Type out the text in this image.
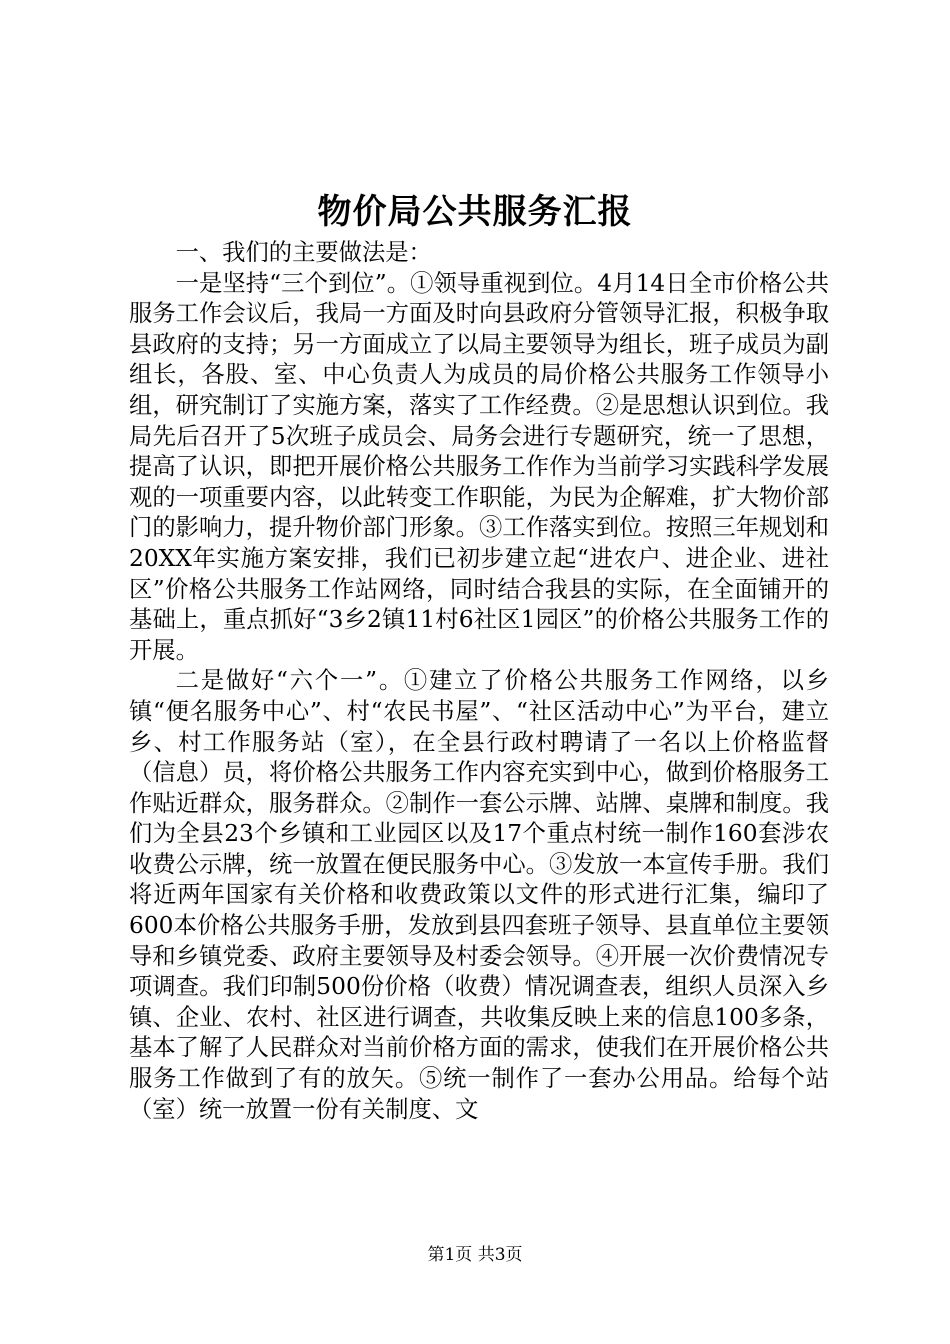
物价局公共服务汇报

一、我们的主要做法是：

一是坚持“三个到位”。①领导重视到位。4月14日全市价格公共服务工作会议后，我局一方面及时向县政府分管领导汇报，积极争取县政府的支持；另一方面成立了以局主要领导为组长，班子成员为副组长，各股、室、中心负责人为成员的局价格公共服务工作领导小组，研究制订了实施方案，落实了工作经费。②是思想认识到位。我局先后召开了5次班子成员会、局务会进行专题研究，统一了思想，提高了认识，即把开展价格公共服务工作作为当前学习实践科学发展观的一项重要内容，以此转变工作职能，为民为企解难，扩大物价部门的影响力，提升物价部门形象。③工作落实到位。按照三年规划和20XX年实施方案安排，我们已初步建立起“进农户、进企业、进社区”价格公共服务工作站网络，同时结合我县的实际，在全面铺开的基础上，重点抓好“3乡2镇11村6社区1园区”的价格公共服务工作的开展。

二是做好“六个一”。①建立了价格公共服务工作网络，以乡镇“便名服务中心”、村“农民书屋”、“社区活动中心”为平台，建立乡、村工作服务站（室），在全县行政村聘请了一名以上价格监督（信息）员，将价格公共服务工作内容充实到中心，做到价格服务工作贴近群众，服务群众。②制作一套公示牌、站牌、桌牌和制度。我们为全县23个乡镇和工业园区以及17个重点村统一制作160套涉农收费公示牌，统一放置在便民服务中心。③发放一本宣传手册。我们将近两年国家有关价格和收费政策以文件的形式进行汇集，编印了600本价格公共服务手册，发放到县四套班子领导、县直单位主要领导和乡镇党委、政府主要领导及村委会领导。④开展一次价费情况专项调查。我们印制500份价格（收费）情况调查表，组织人员深入乡镇、企业、农村、社区进行调查，共收集反映上来的信息100多条，基本了解了人民群众对当前价格方面的需求，使我们在开展价格公共服务工作做到了有的放矢。⑤统一制作了一套办公用品。给每个站（室）统一放置一份有关制度、文

第1页 共3页
